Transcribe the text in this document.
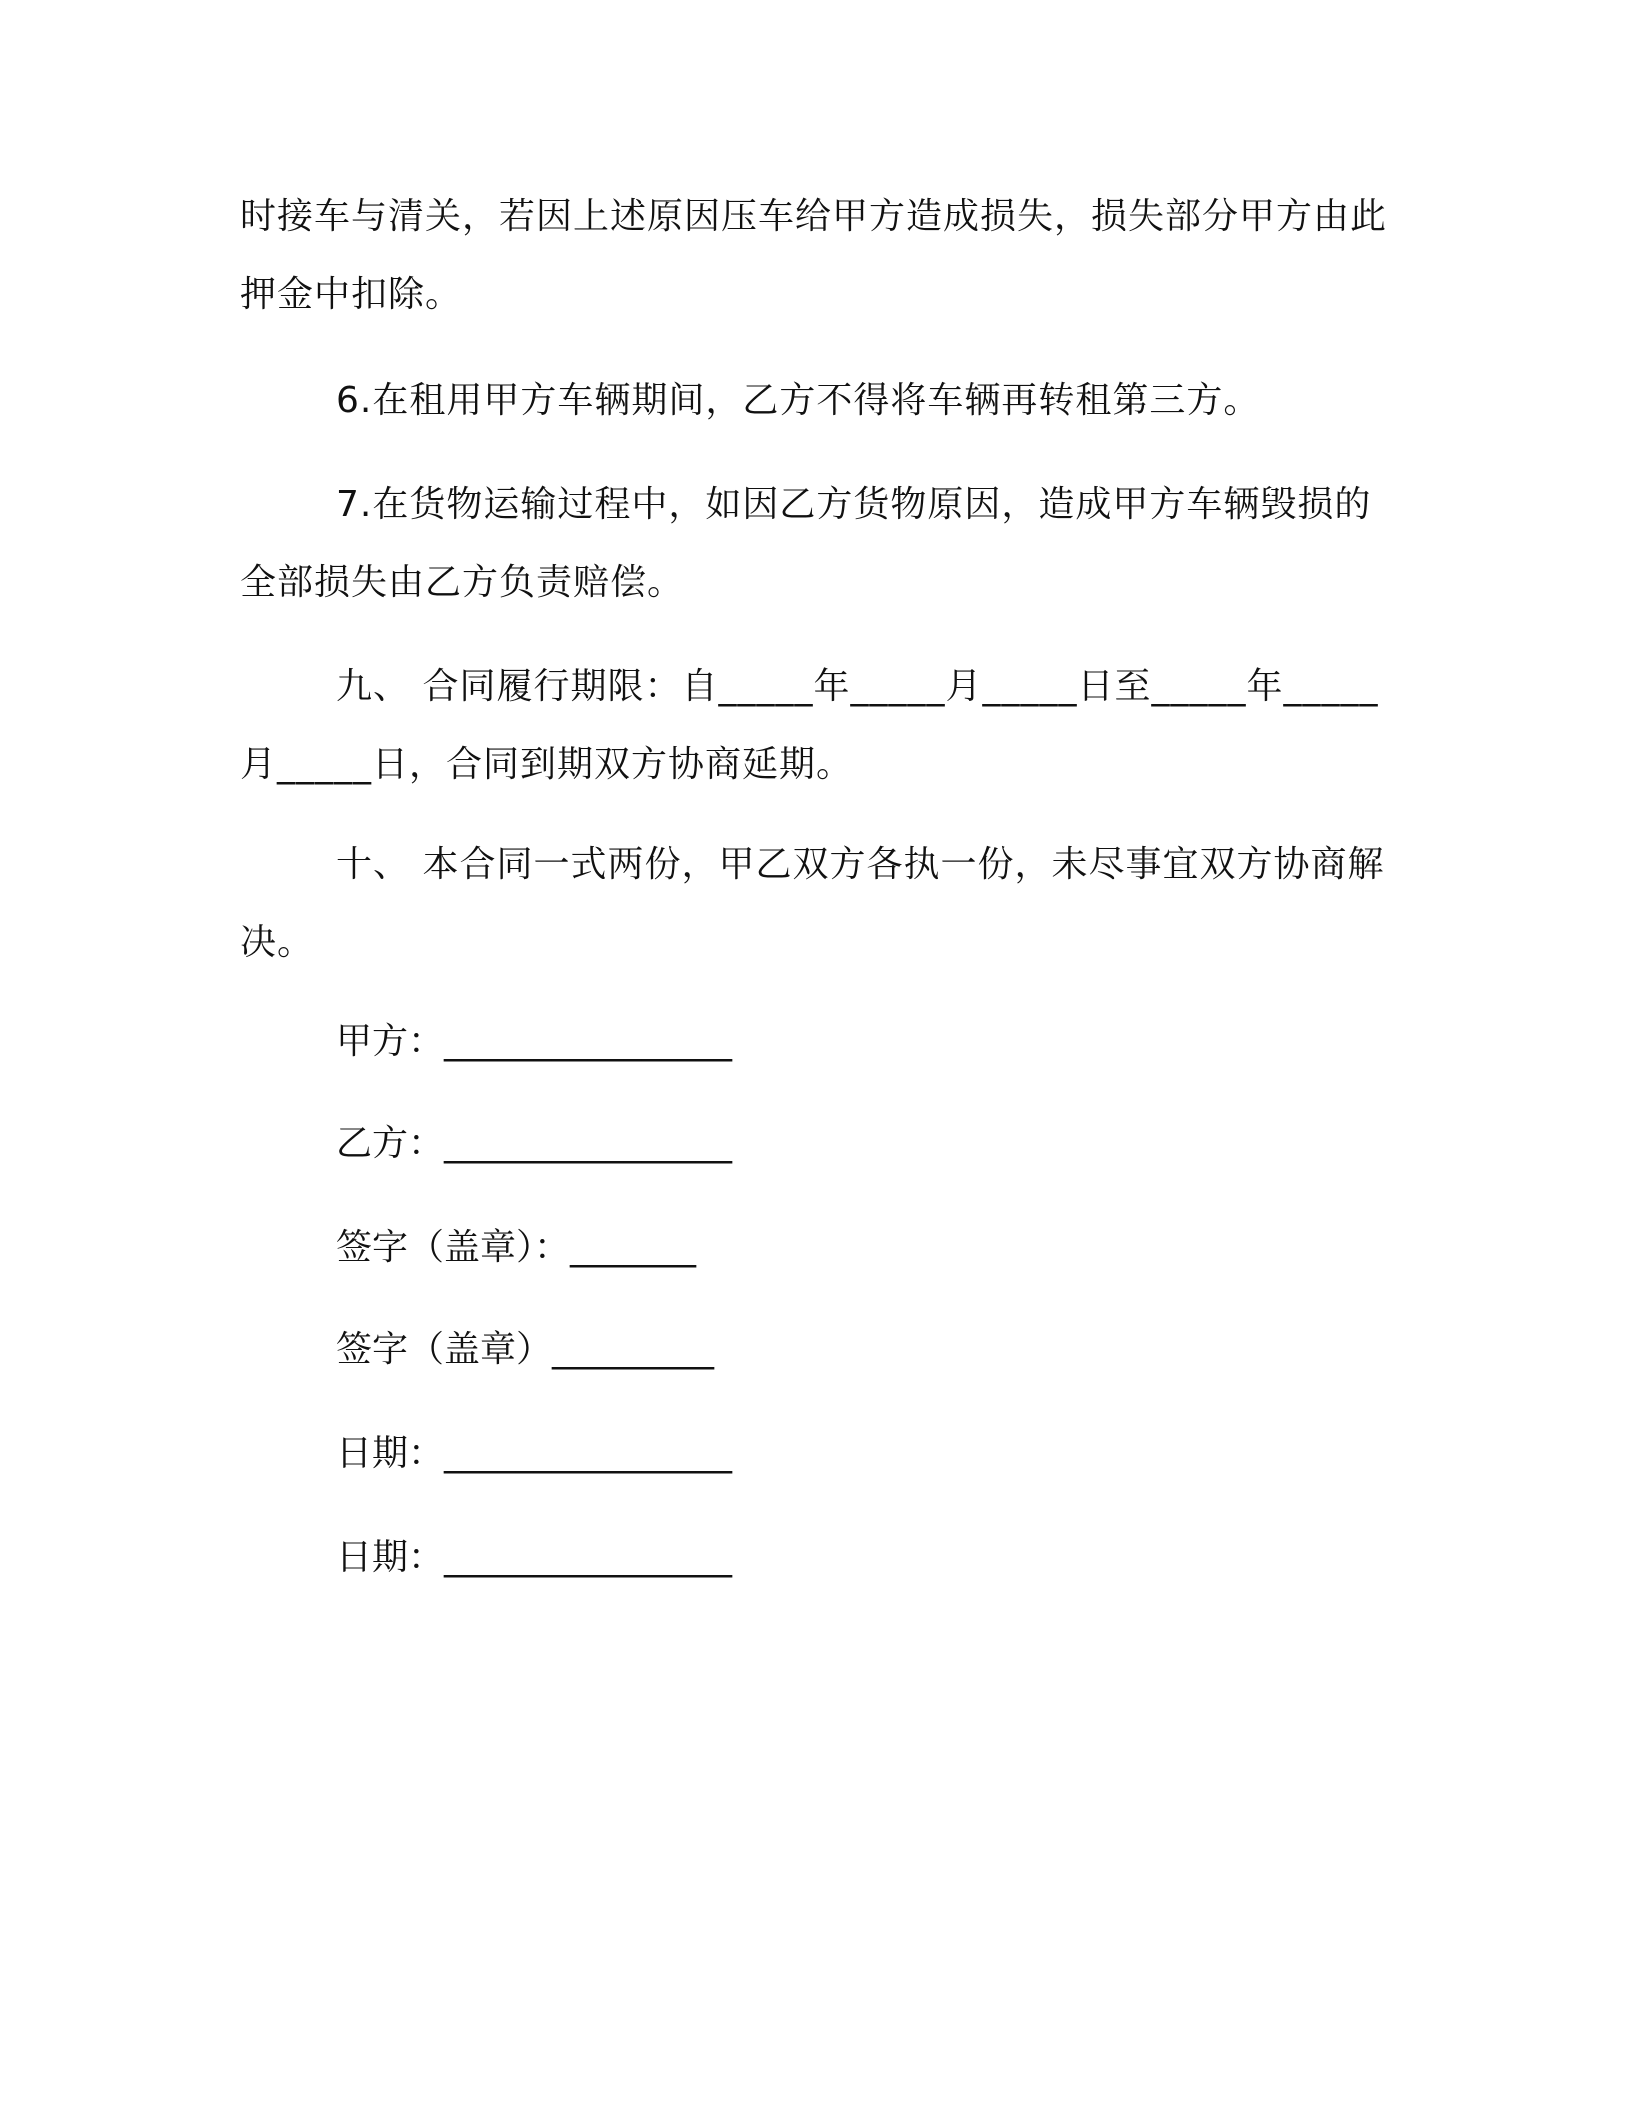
时接车与清关，若因上述原因压车给甲方造成损失，损失部分甲方由此押金中扣除。

6.在租用甲方车辆期间，乙方不得将车辆再转租第三方。

7.在货物运输过程中，如因乙方货物原因，造成甲方车辆毁损的全部损失由乙方负责赔偿。

九、 合同履行期限：自_____年_____月_____日至_____年_____月_____日，合同到期双方协商延期。

十、 本合同一式两份，甲乙双方各执一份，未尽事宜双方协商解决。

甲方：________________

乙方：________________

签字（盖章）：_______

签字（盖章）_________

日期：________________

日期：________________
